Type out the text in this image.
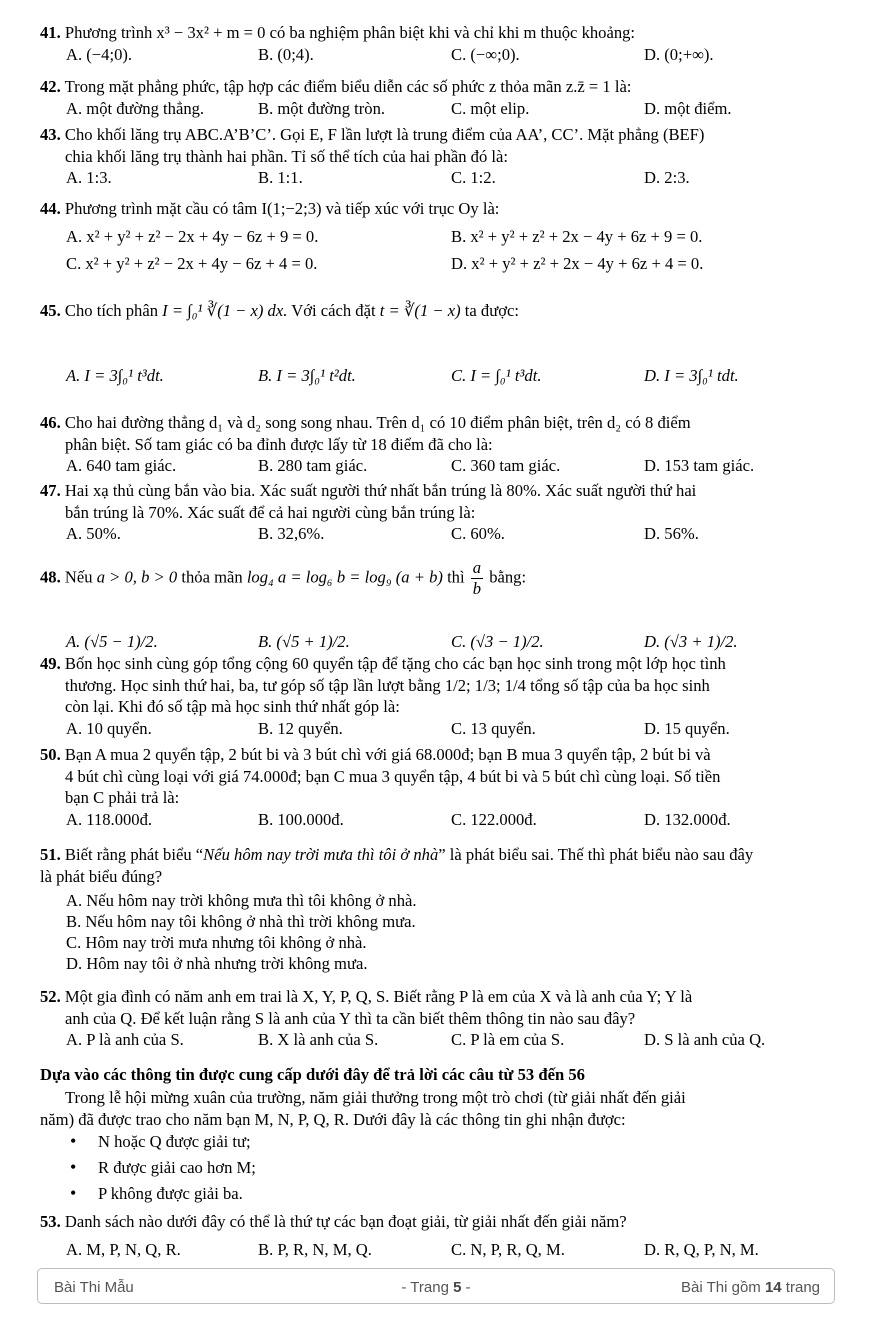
41. Phương trình x³ − 3x² + m = 0 có ba nghiệm phân biệt khi và chỉ khi m thuộc khoảng:
A. (−4;0).	B. (0;4).	C. (−∞;0).	D. (0;+∞).
42. Trong mặt phẳng phức, tập hợp các điểm biểu diễn các số phức z thỏa mãn z.z̄ = 1 là:
A. một đường thẳng.	B. một đường tròn.	C. một elip.	D. một điểm.
43. Cho khối lăng trụ ABC.A’B’C’. Gọi E, F lần lượt là trung điểm của AA’, CC’. Mặt phẳng (BEF)
chia khối lăng trụ thành hai phần. Tỉ số thể tích của hai phần đó là:
A. 1:3.	B. 1:1.	C. 1:2.	D. 2:3.
44. Phương trình mặt cầu có tâm I(1;−2;3) và tiếp xúc với trục Oy là:
A. x² + y² + z² − 2x + 4y − 6z + 9 = 0.	B. x² + y² + z² + 2x − 4y + 6z + 9 = 0.
C. x² + y² + z² − 2x + 4y − 6z + 4 = 0.	D. x² + y² + z² + 2x − 4y + 6z + 4 = 0.
45. Cho tích phân I = ∫₀¹ ∛(1 − x) dx. Với cách đặt t = ∛(1 − x) ta được:
A. I = 3∫₀¹ t³dt.	B. I = 3∫₀¹ t²dt.	C. I = ∫₀¹ t³dt.	D. I = 3∫₀¹ tdt.
46. Cho hai đường thẳng d₁ và d₂ song song nhau. Trên d₁ có 10 điểm phân biệt, trên d₂ có 8 điểm
phân biệt. Số tam giác có ba đỉnh được lấy từ 18 điểm đã cho là:
A. 640 tam giác.	B. 280 tam giác.	C. 360 tam giác.	D. 153 tam giác.
47. Hai xạ thủ cùng bắn vào bia. Xác suất người thứ nhất bắn trúng là 80%. Xác suất người thứ hai
bắn trúng là 70%. Xác suất để cả hai người cùng bắn trúng là:
A. 50%.	B. 32,6%.	C. 60%.	D. 56%.
48. Nếu a > 0, b > 0 thỏa mãn log₄ a = log₆ b = log₉ (a + b) thì $\frac{a}{b}$ bằng:
A. (√5 − 1)/2.	B. (√5 + 1)/2.	C. (√3 − 1)/2.	D. (√3 + 1)/2.
49. Bốn học sinh cùng góp tổng cộng 60 quyển tập để tặng cho các bạn học sinh trong một lớp học tình
thương. Học sinh thứ hai, ba, tư góp số tập lần lượt bằng 1/2; 1/3; 1/4 tổng số tập của ba học sinh
còn lại. Khi đó số tập mà học sinh thứ nhất góp là:
A. 10 quyển.	B. 12 quyển.	C. 13 quyển.	D. 15 quyển.
50. Bạn A mua 2 quyển tập, 2 bút bi và 3 bút chì với giá 68.000đ; bạn B mua 3 quyển tập, 2 bút bi và
4 bút chì cùng loại với giá 74.000đ; bạn C mua 3 quyển tập, 4 bút bi và 5 bút chì cùng loại. Số tiền
bạn C phải trả là:
A. 118.000đ.	B. 100.000đ.	C. 122.000đ.	D. 132.000đ.
51. Biết rằng phát biểu “Nếu hôm nay trời mưa thì tôi ở nhà” là phát biểu sai. Thế thì phát biểu nào sau đây
là phát biểu đúng?
A. Nếu hôm nay trời không mưa thì tôi không ở nhà.
B. Nếu hôm nay tôi không ở nhà thì trời không mưa.
C. Hôm nay trời mưa nhưng tôi không ở nhà.
D. Hôm nay tôi ở nhà nhưng trời không mưa.
52. Một gia đình có năm anh em trai là X, Y, P, Q, S. Biết rằng P là em của X và là anh của Y; Y là
anh của Q. Để kết luận rằng S là anh của Y thì ta cần biết thêm thông tin nào sau đây?
A. P là anh của S.	B. X là anh của S.	C. P là em của S.	D. S là anh của Q.
Dựa vào các thông tin được cung cấp dưới đây để trả lời các câu từ 53 đến 56
Trong lễ hội mừng xuân của trường, năm giải thưởng trong một trò chơi (từ giải nhất đến giải
năm) đã được trao cho năm bạn M, N, P, Q, R. Dưới đây là các thông tin ghi nhận được:
• N hoặc Q được giải tư;
• R được giải cao hơn M;
• P không được giải ba.
53. Danh sách nào dưới đây có thể là thứ tự các bạn đoạt giải, từ giải nhất đến giải năm?
A. M, P, N, Q, R.	B. P, R, N, M, Q.	C. N, P, R, Q, M.	D. R, Q, P, N, M.
Bài Thi Mẫu	- Trang 5 -	Bài Thi gồm 14 trang
